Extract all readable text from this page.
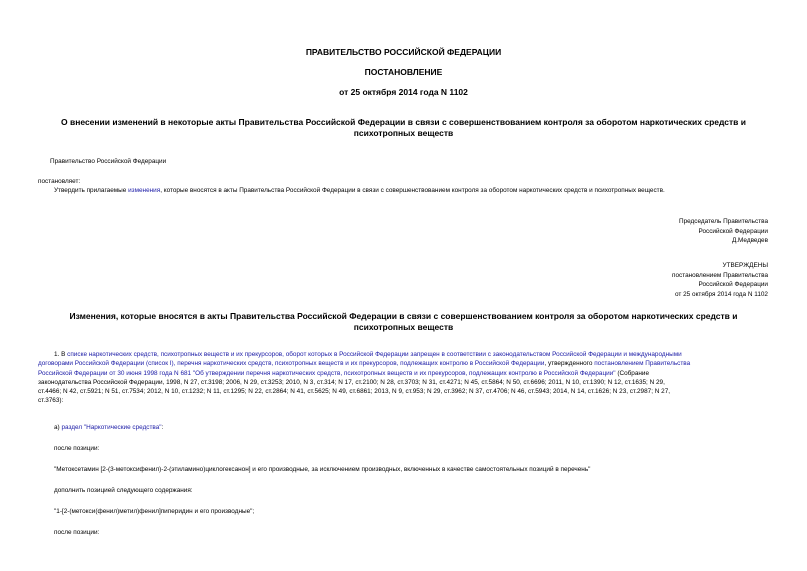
ПРАВИТЕЛЬСТВО РОССИЙСКОЙ ФЕДЕРАЦИИ
ПОСТАНОВЛЕНИЕ
от 25 октября 2014 года N 1102
О внесении изменений в некоторые акты Правительства Российской Федерации в связи с совершенствованием контроля за оборотом наркотических средств и
психотропных веществ
Правительство Российской Федерации
постановляет:
Утвердить прилагаемые изменения, которые вносятся в акты Правительства Российской Федерации в связи с совершенствованием контроля за оборотом наркотических средств и психотропных веществ.
Председатель Правительства
Российской Федерации
Д.Медведев
УТВЕРЖДЕНЫ
постановлением Правительства
Российской Федерации
от 25 октября 2014 года N 1102
Изменения, которые вносятся в акты Правительства Российской Федерации в связи с совершенствованием контроля за оборотом наркотических средств и
психотропных веществ
1. В списке наркотических средств, психотропных веществ и их прекурсоров, оборот которых в Российской Федерации запрещен в соответствии с законодательством Российской Федерации и международными
договорами Российской Федерации (список I), перечня наркотических средств, психотропных веществ и их прекурсоров, подлежащих контролю в Российской Федерации, утвержденного постановлением Правительства
Российской Федерации от 30 июня 1998 года N 681 "Об утверждении перечня наркотических средств, психотропных веществ и их прекурсоров, подлежащих контролю в Российской Федерации" (Собрание
законодательства Российской Федерации, 1998, N 27, ст.3198; 2006, N 29, ст.3253; 2010, N 3, ст.314; N 17, ст.2100; N 28, ст.3703; N 31, ст.4271; N 45, ст.5864; N 50, ст.6696; 2011, N 10, ст.1390; N 12, ст.1635; N 29,
ст.4466; N 42, ст.5921; N 51, ст.7534; 2012, N 10, ст.1232; N 11, ст.1295; N 22, ст.2864; N 41, ст.5625; N 49, ст.6861; 2013, N 9, ст.953; N 29, ст.3962; N 37, ст.4706; N 46, ст.5943; 2014, N 14, ст.1626; N 23, ст.2987; N 27,
ст.3763):
а) раздел "Наркотические средства":
после позиции:
"Метоксетамин [2-(3-метоксифенил)-2-(этиламино)циклогексанон] и его производные, за исключением производных, включенных в качестве самостоятельных позиций в перечень"
дополнить позицией следующего содержания:
"1-[2-(метокси(фенил)метил)фенил]пиперидин и его производные";
после позиции:
